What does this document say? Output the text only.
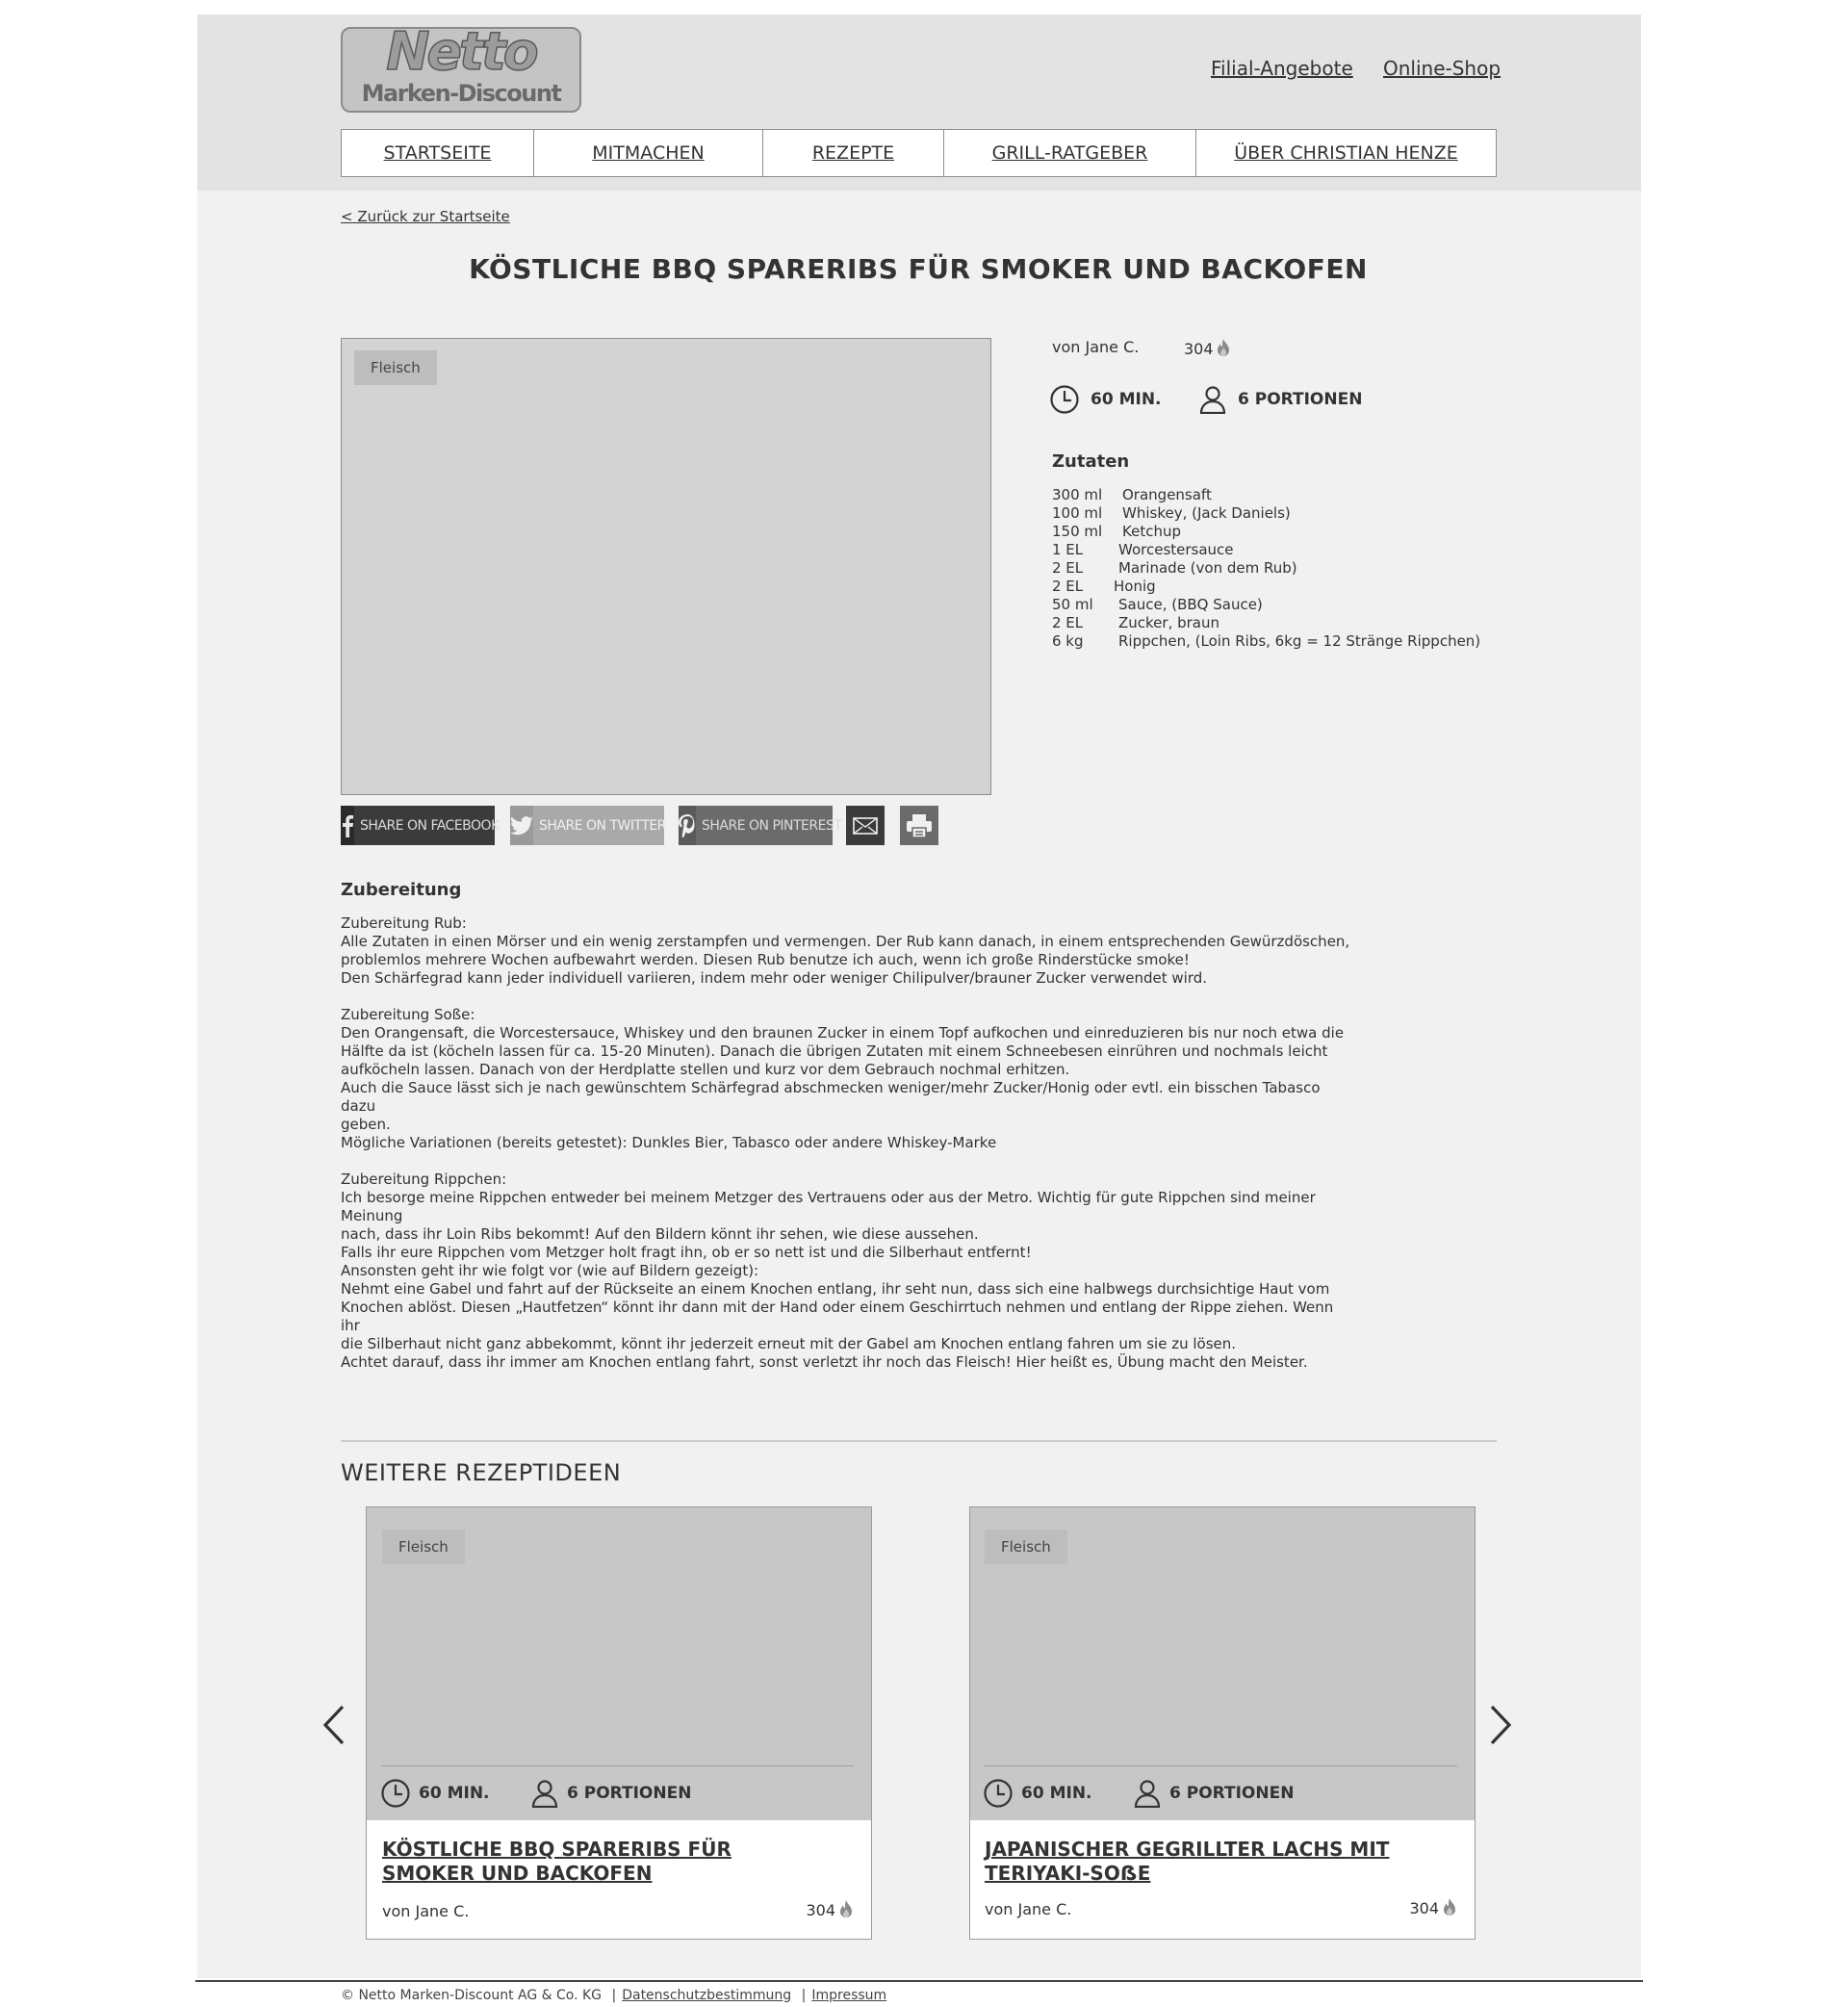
Netto
Marken-Discount
Filial-Angebote Online-Shop
STARTSEITE	MITMACHEN	REZEPTE	GRILL-RATGEBER	ÜBER CHRISTIAN HENZE
< Zurück zur Startseite
KÖSTLICHE BBQ SPARERIBS FÜR SMOKER UND BACKOFEN
Fleisch
SHARE ON FACEBOOK	SHARE ON TWITTER	SHARE ON PINTEREST
von Jane C.	304
60 MIN.	6 PORTIONEN
Zutaten
300 ml Orangensaft
100 ml Whiskey, (Jack Daniels)
150 ml Ketchup
1 EL Worcestersauce
2 EL Marinade (von dem Rub)
2 EL Honig
50 ml Sauce, (BBQ Sauce)
2 EL Zucker, braun
6 kg Rippchen, (Loin Ribs, 6kg = 12 Stränge Rippchen)
Zubereitung

Zubereitung Rub:
Alle Zutaten in einen Mörser und ein wenig zerstampfen und vermengen. Der Rub kann danach, in einem entsprechenden Gewürzdöschen,
problemlos mehrere Wochen aufbewahrt werden. Diesen Rub benutze ich auch, wenn ich große Rinderstücke smoke!
Den Schärfegrad kann jeder individuell variieren, indem mehr oder weniger Chilipulver/brauner Zucker verwendet wird.

Zubereitung Soße:
Den Orangensaft, die Worcestersauce, Whiskey und den braunen Zucker in einem Topf aufkochen und einreduzieren bis nur noch etwa die
Hälfte da ist (köcheln lassen für ca. 15-20 Minuten). Danach die übrigen Zutaten mit einem Schneebesen einrühren und nochmals leicht
aufköcheln lassen. Danach von der Herdplatte stellen und kurz vor dem Gebrauch nochmal erhitzen.
Auch die Sauce lässt sich je nach gewünschtem Schärfegrad abschmecken weniger/mehr Zucker/Honig oder evtl. ein bisschen Tabasco dazu
geben.
Mögliche Variationen (bereits getestet): Dunkles Bier, Tabasco oder andere Whiskey-Marke

Zubereitung Rippchen:
Ich besorge meine Rippchen entweder bei meinem Metzger des Vertrauens oder aus der Metro. Wichtig für gute Rippchen sind meiner Meinung
nach, dass ihr Loin Ribs bekommt! Auf den Bildern könnt ihr sehen, wie diese aussehen.
Falls ihr eure Rippchen vom Metzger holt fragt ihn, ob er so nett ist und die Silberhaut entfernt!
Ansonsten geht ihr wie folgt vor (wie auf Bildern gezeigt):
Nehmt eine Gabel und fahrt auf der Rückseite an einem Knochen entlang, ihr seht nun, dass sich eine halbwegs durchsichtige Haut vom
Knochen ablöst. Diesen „Hautfetzen“ könnt ihr dann mit der Hand oder einem Geschirrtuch nehmen und entlang der Rippe ziehen. Wenn ihr
die Silberhaut nicht ganz abbekommt, könnt ihr jederzeit erneut mit der Gabel am Knochen entlang fahren um sie zu lösen.
Achtet darauf, dass ihr immer am Knochen entlang fahrt, sonst verletzt ihr noch das Fleisch! Hier heißt es, Übung macht den Meister.

WEITERE REZEPTIDEEN
Fleisch
60 MIN.	6 PORTIONEN
KÖSTLICHE BBQ SPARERIBS FÜR SMOKER UND BACKOFEN
von Jane C.	304
Fleisch
60 MIN.	6 PORTIONEN
JAPANISCHER GEGRILLTER LACHS MIT TERIYAKI-SOẞE
von Jane C.	304
© Netto Marken-Discount AG & Co. KG | Datenschutzbestimmung | Impressum
